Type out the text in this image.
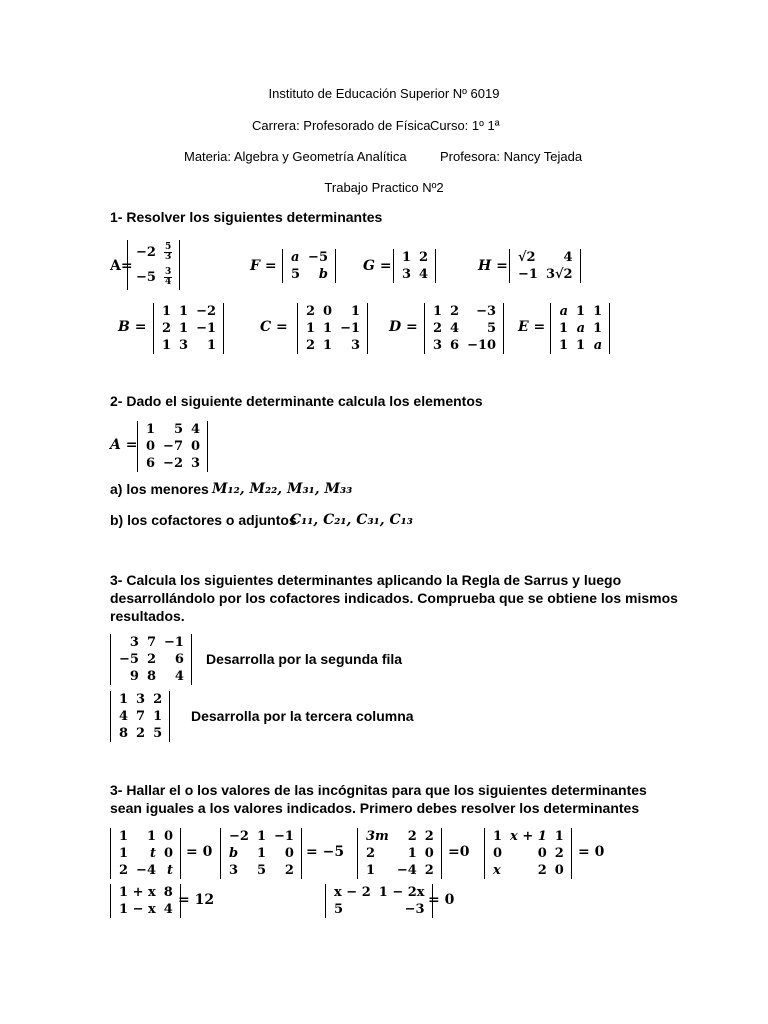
Instituto de Educación Superior Nº 6019
Carrera: Profesorado de Física Curso: 1º 1ª
Materia: Algebra y Geometría Analítica	Profesora: Nancy Tejada
Trabajo Practico Nº2
1- Resolver los siguientes determinantes
A=
−2	$\frac{5}{3}$

−5	$\frac{3}{4}$
F =
a	−5
5	b
G =
1	2
3	4
H =
√2	4
−1	3√2
B =
1	1	−2
2	1	−1
1	3	1
C =
2	0	1
1	1	−1
2	1	3
D =
1	2	−3
2	4	5
3	6	−10
E =
a	1	1
1	a	1
1	1	a
2- Dado el siguiente determinante calcula los elementos
A =
1	5	4
0	−7	0
6	−2	3
a) los menores M₁₂, M₂₂, M₃₁, M₃₃
b) los cofactores o adjuntos
C₁₁, C₂₁, C₃₁, C₁₃
3- Calcula los siguientes determinantes aplicando la Regla de Sarrus y luego
desarrollándolo por los cofactores indicados. Comprueba que se obtiene los mismos
resultados.
3	7	−1
−5	2	6
9	8	4
Desarrolla por la segunda fila
1	3	2
4	7	1
8	2	5
Desarrolla por la tercera columna
3- Hallar el o los valores de las incógnitas para que los siguientes determinantes
sean iguales a los valores indicados. Primero debes resolver los determinantes
1	1	0
1	t	0
2	−4	t
= 0
−2	1	−1
b	1	0
3	5	2
= −5
3m	2	2
2	1	0
1	−4	2
=0
1	x + 1	1
0	0	2
x	2	0
= 0
1 + x	8
1 − x	4
= 12	x − 2	1 − 2x
5	−3
= 0
